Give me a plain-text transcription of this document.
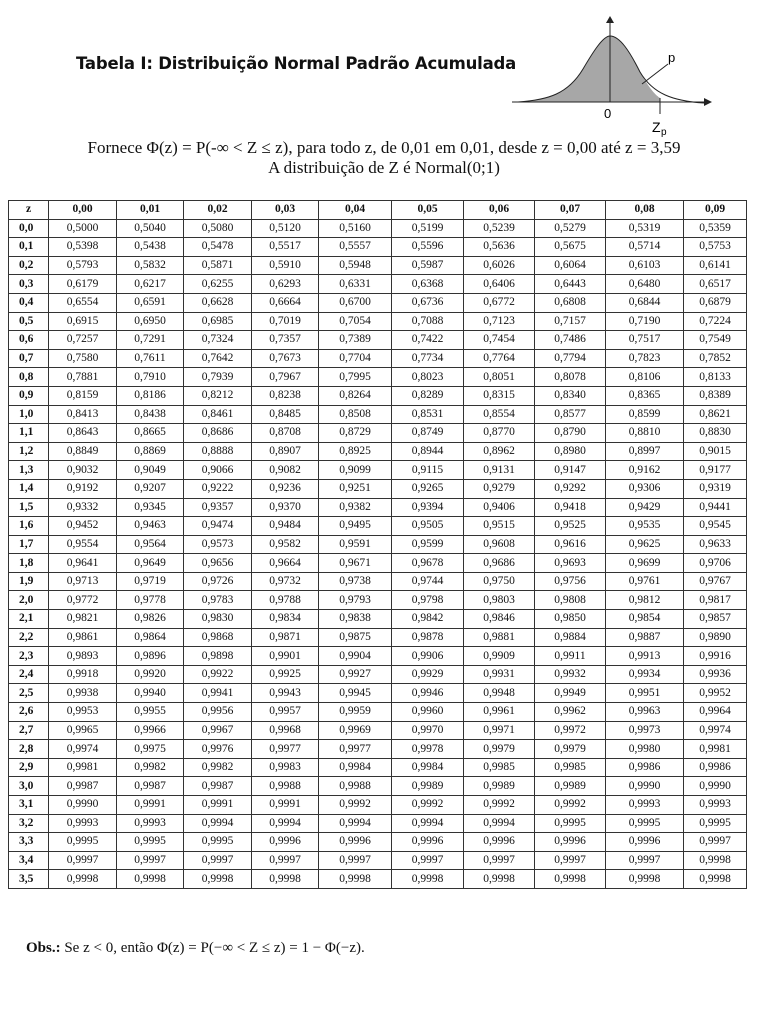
Tabela I: Distribuição Normal Padrão Acumulada	p
0
Z p
Fornece Φ(z) = P(-∞ < Z ≤ z), para todo z, de 0,01 em 0,01, desde z = 0,00 até z = 3,59
A distribuição de Z é Normal(0;1)
z	0,00	0,01	0,02	0,03	0,04	0,05	0,06	0,07	0,08	0,09
0,0	0,5000	0,5040	0,5080	0,5120	0,5160	0,5199	0,5239	0,5279	0,5319	0,5359
0,1	0,5398	0,5438	0,5478	0,5517	0,5557	0,5596	0,5636	0,5675	0,5714	0,5753
0,2	0,5793	0,5832	0,5871	0,5910	0,5948	0,5987	0,6026	0,6064	0,6103	0,6141
0,3	0,6179	0,6217	0,6255	0,6293	0,6331	0,6368	0,6406	0,6443	0,6480	0,6517
0,4	0,6554	0,6591	0,6628	0,6664	0,6700	0,6736	0,6772	0,6808	0,6844	0,6879
0,5	0,6915	0,6950	0,6985	0,7019	0,7054	0,7088	0,7123	0,7157	0,7190	0,7224
0,6	0,7257	0,7291	0,7324	0,7357	0,7389	0,7422	0,7454	0,7486	0,7517	0,7549
0,7	0,7580	0,7611	0,7642	0,7673	0,7704	0,7734	0,7764	0,7794	0,7823	0,7852
0,8	0,7881	0,7910	0,7939	0,7967	0,7995	0,8023	0,8051	0,8078	0,8106	0,8133
0,9	0,8159	0,8186	0,8212	0,8238	0,8264	0,8289	0,8315	0,8340	0,8365	0,8389
1,0	0,8413	0,8438	0,8461	0,8485	0,8508	0,8531	0,8554	0,8577	0,8599	0,8621
1,1	0,8643	0,8665	0,8686	0,8708	0,8729	0,8749	0,8770	0,8790	0,8810	0,8830
1,2	0,8849	0,8869	0,8888	0,8907	0,8925	0,8944	0,8962	0,8980	0,8997	0,9015
1,3	0,9032	0,9049	0,9066	0,9082	0,9099	0,9115	0,9131	0,9147	0,9162	0,9177
1,4	0,9192	0,9207	0,9222	0,9236	0,9251	0,9265	0,9279	0,9292	0,9306	0,9319
1,5	0,9332	0,9345	0,9357	0,9370	0,9382	0,9394	0,9406	0,9418	0,9429	0,9441
1,6	0,9452	0,9463	0,9474	0,9484	0,9495	0,9505	0,9515	0,9525	0,9535	0,9545
1,7	0,9554	0,9564	0,9573	0,9582	0,9591	0,9599	0,9608	0,9616	0,9625	0,9633
1,8	0,9641	0,9649	0,9656	0,9664	0,9671	0,9678	0,9686	0,9693	0,9699	0,9706
1,9	0,9713	0,9719	0,9726	0,9732	0,9738	0,9744	0,9750	0,9756	0,9761	0,9767
2,0	0,9772	0,9778	0,9783	0,9788	0,9793	0,9798	0,9803	0,9808	0,9812	0,9817
2,1	0,9821	0,9826	0,9830	0,9834	0,9838	0,9842	0,9846	0,9850	0,9854	0,9857
2,2	0,9861	0,9864	0,9868	0,9871	0,9875	0,9878	0,9881	0,9884	0,9887	0,9890
2,3	0,9893	0,9896	0,9898	0,9901	0,9904	0,9906	0,9909	0,9911	0,9913	0,9916
2,4	0,9918	0,9920	0,9922	0,9925	0,9927	0,9929	0,9931	0,9932	0,9934	0,9936
2,5	0,9938	0,9940	0,9941	0,9943	0,9945	0,9946	0,9948	0,9949	0,9951	0,9952
2,6	0,9953	0,9955	0,9956	0,9957	0,9959	0,9960	0,9961	0,9962	0,9963	0,9964
2,7	0,9965	0,9966	0,9967	0,9968	0,9969	0,9970	0,9971	0,9972	0,9973	0,9974
2,8	0,9974	0,9975	0,9976	0,9977	0,9977	0,9978	0,9979	0,9979	0,9980	0,9981
2,9	0,9981	0,9982	0,9982	0,9983	0,9984	0,9984	0,9985	0,9985	0,9986	0,9986
3,0	0,9987	0,9987	0,9987	0,9988	0,9988	0,9989	0,9989	0,9989	0,9990	0,9990
3,1	0,9990	0,9991	0,9991	0,9991	0,9992	0,9992	0,9992	0,9992	0,9993	0,9993
3,2	0,9993	0,9993	0,9994	0,9994	0,9994	0,9994	0,9994	0,9995	0,9995	0,9995
3,3	0,9995	0,9995	0,9995	0,9996	0,9996	0,9996	0,9996	0,9996	0,9996	0,9997
3,4	0,9997	0,9997	0,9997	0,9997	0,9997	0,9997	0,9997	0,9997	0,9997	0,9998
3,5	0,9998	0,9998	0,9998	0,9998	0,9998	0,9998	0,9998	0,9998	0,9998	0,9998
Obs.: Se z < 0, então Φ(z) = P(−∞ < Z ≤ z) = 1 − Φ(−z).
